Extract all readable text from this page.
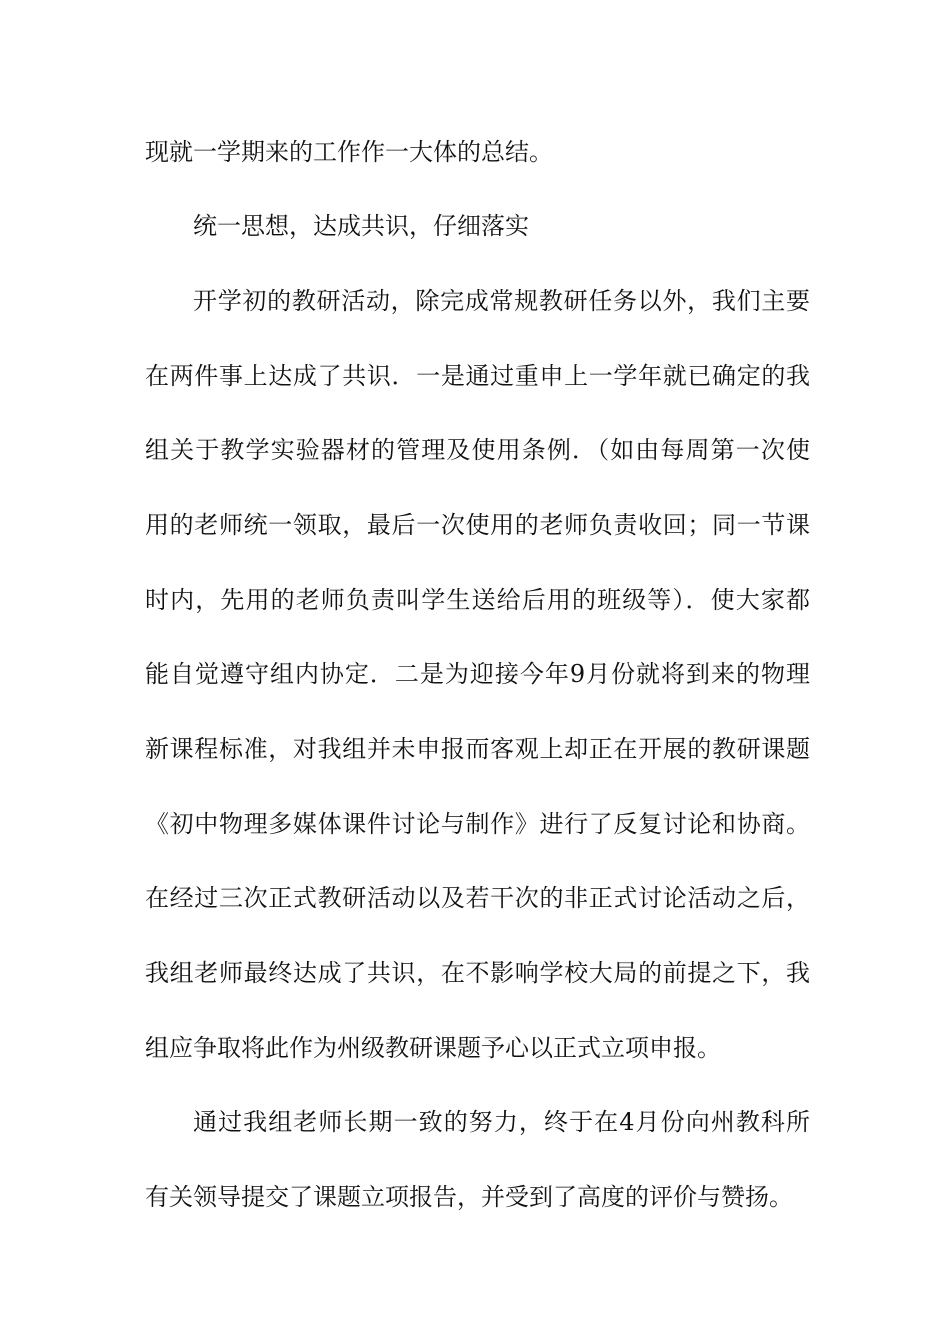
现就一学期来的工作作一大体的总结。
统一思想，达成共识，仔细落实
开学初的教研活动，除完成常规教研任务以外，我们主要
在两件事上达成了共识．一是通过重申上一学年就已确定的我
组关于教学实验器材的管理及使用条例．（如由每周第一次使
用的老师统一领取，最后一次使用的老师负责收回；同一节课
时内，先用的老师负责叫学生送给后用的班级等）．使大家都
能自觉遵守组内协定．二是为迎接今年9月份就将到来的物理
新课程标准，对我组并未申报而客观上却正在开展的教研课题
《初中物理多媒体课件讨论与制作》进行了反复讨论和协商。
在经过三次正式教研活动以及若干次的非正式讨论活动之后，
我组老师最终达成了共识，在不影响学校大局的前提之下，我
组应争取将此作为州级教研课题予心以正式立项申报。
通过我组老师长期一致的努力，终于在4月份向州教科所
有关领导提交了课题立项报告，并受到了高度的评价与赞扬。
